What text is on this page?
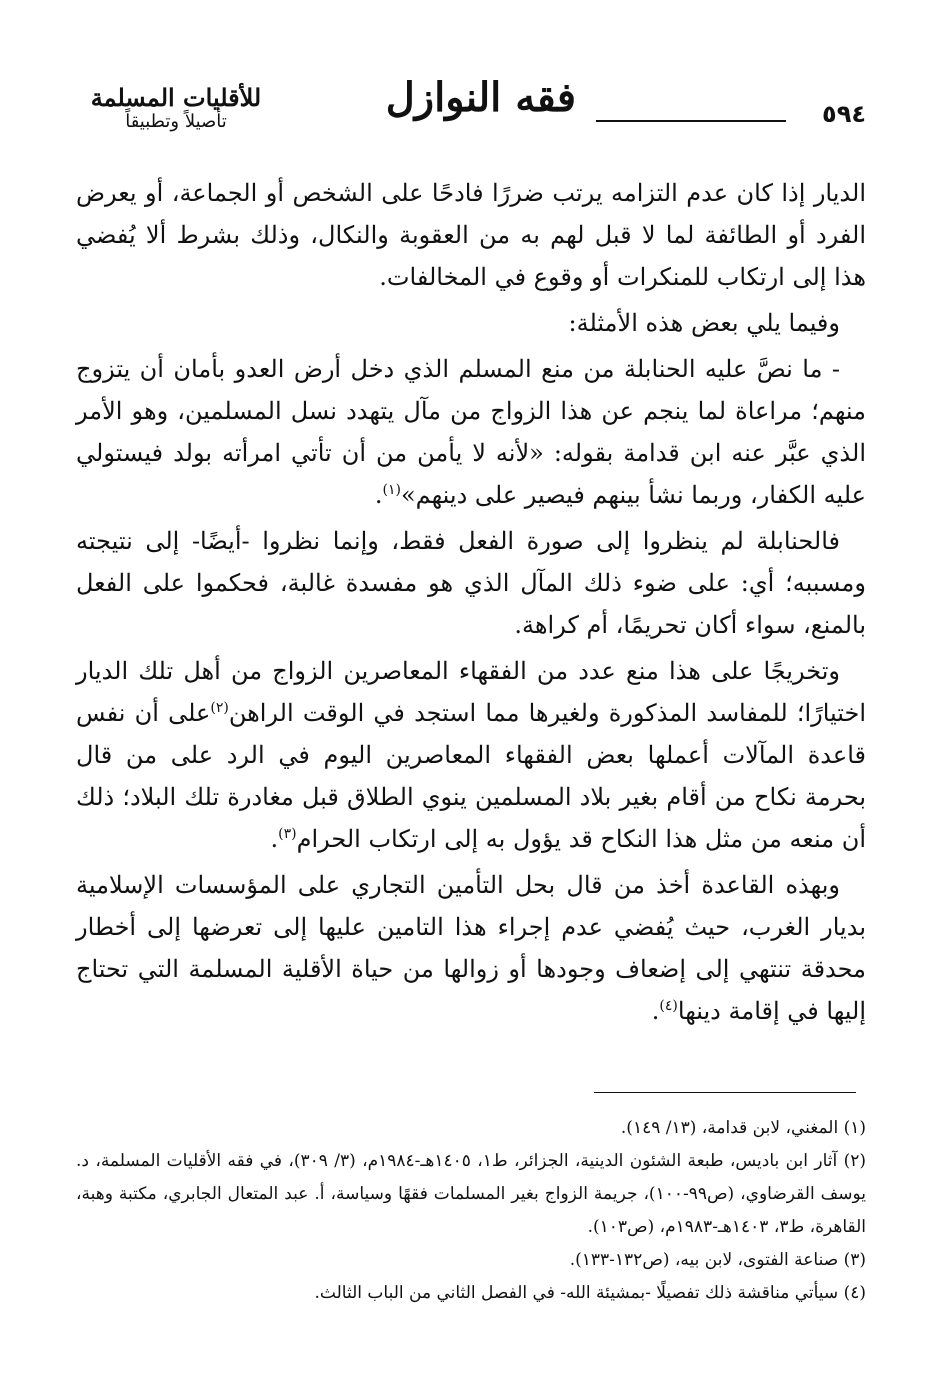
٥٩٤
فقه النوازل
للأقليات المسلمة
تأصيلاً وتطبيقاً

الديار إذا كان عدم التزامه يرتب ضررًا فادحًا على الشخص أو الجماعة، أو يعرض الفرد أو الطائفة لما لا قبل لهم به من العقوبة والنكال، وذلك بشرط ألا يُفضي هذا إلى ارتكاب للمنكرات أو وقوع في المخالفات.

وفيما يلي بعض هذه الأمثلة:

- ما نصَّ عليه الحنابلة من منع المسلم الذي دخل أرض العدو بأمان أن يتزوج منهم؛ مراعاة لما ينجم عن هذا الزواج من مآل يتهدد نسل المسلمين، وهو الأمر الذي عبَّر عنه ابن قدامة بقوله: «لأنه لا يأمن من أن تأتي امرأته بولد فيستولي عليه الكفار، وربما نشأ بينهم فيصير على دينهم»$^{(١)}$.

فالحنابلة لم ينظروا إلى صورة الفعل فقط، وإنما نظروا -أيضًا- إلى نتيجته ومسببه؛ أي: على ضوء ذلك المآل الذي هو مفسدة غالبة، فحكموا على الفعل بالمنع، سواء أكان تحريمًا، أم كراهة.

وتخريجًا على هذا منع عدد من الفقهاء المعاصرين الزواج من أهل تلك الديار اختيارًا؛ للمفاسد المذكورة ولغيرها مما استجد في الوقت الراهن$^{(٢)}$على أن نفس قاعدة المآلات أعملها بعض الفقهاء المعاصرين اليوم في الرد على من قال بحرمة نكاح من أقام بغير بلاد المسلمين ينوي الطلاق قبل مغادرة تلك البلاد؛ ذلك أن منعه من مثل هذا النكاح قد يؤول به إلى ارتكاب الحرام$^{(٣)}$.

وبهذه القاعدة أخذ من قال بحل التأمين التجاري على المؤسسات الإسلامية بديار الغرب، حيث يُفضي عدم إجراء هذا التامين عليها إلى تعرضها إلى أخطار محدقة تنتهي إلى إضعاف وجودها أو زوالها من حياة الأقلية المسلمة التي تحتاج إليها في إقامة دينها$^{(٤)}$.

(١) المغني، لابن قدامة، (١٣/ ١٤٩).

(٢) آثار ابن باديس، طبعة الشئون الدينية، الجزائر، ط١، ١٤٠٥هـ-١٩٨٤م، (٣/ ٣٠٩)، في فقه الأقليات المسلمة، د. يوسف القرضاوي، (ص٩٩-١٠٠)، جريمة الزواج بغير المسلمات فقهًا وسياسة، أ. عبد المتعال الجابري، مكتبة وهبة، القاهرة، ط٣، ١٤٠٣هـ-١٩٨٣م، (ص١٠٣).

(٣) صناعة الفتوى، لابن بيه، (ص١٣٢-١٣٣).

(٤) سيأتي مناقشة ذلك تفصيلًا -بمشيئة الله- في الفصل الثاني من الباب الثالث.
